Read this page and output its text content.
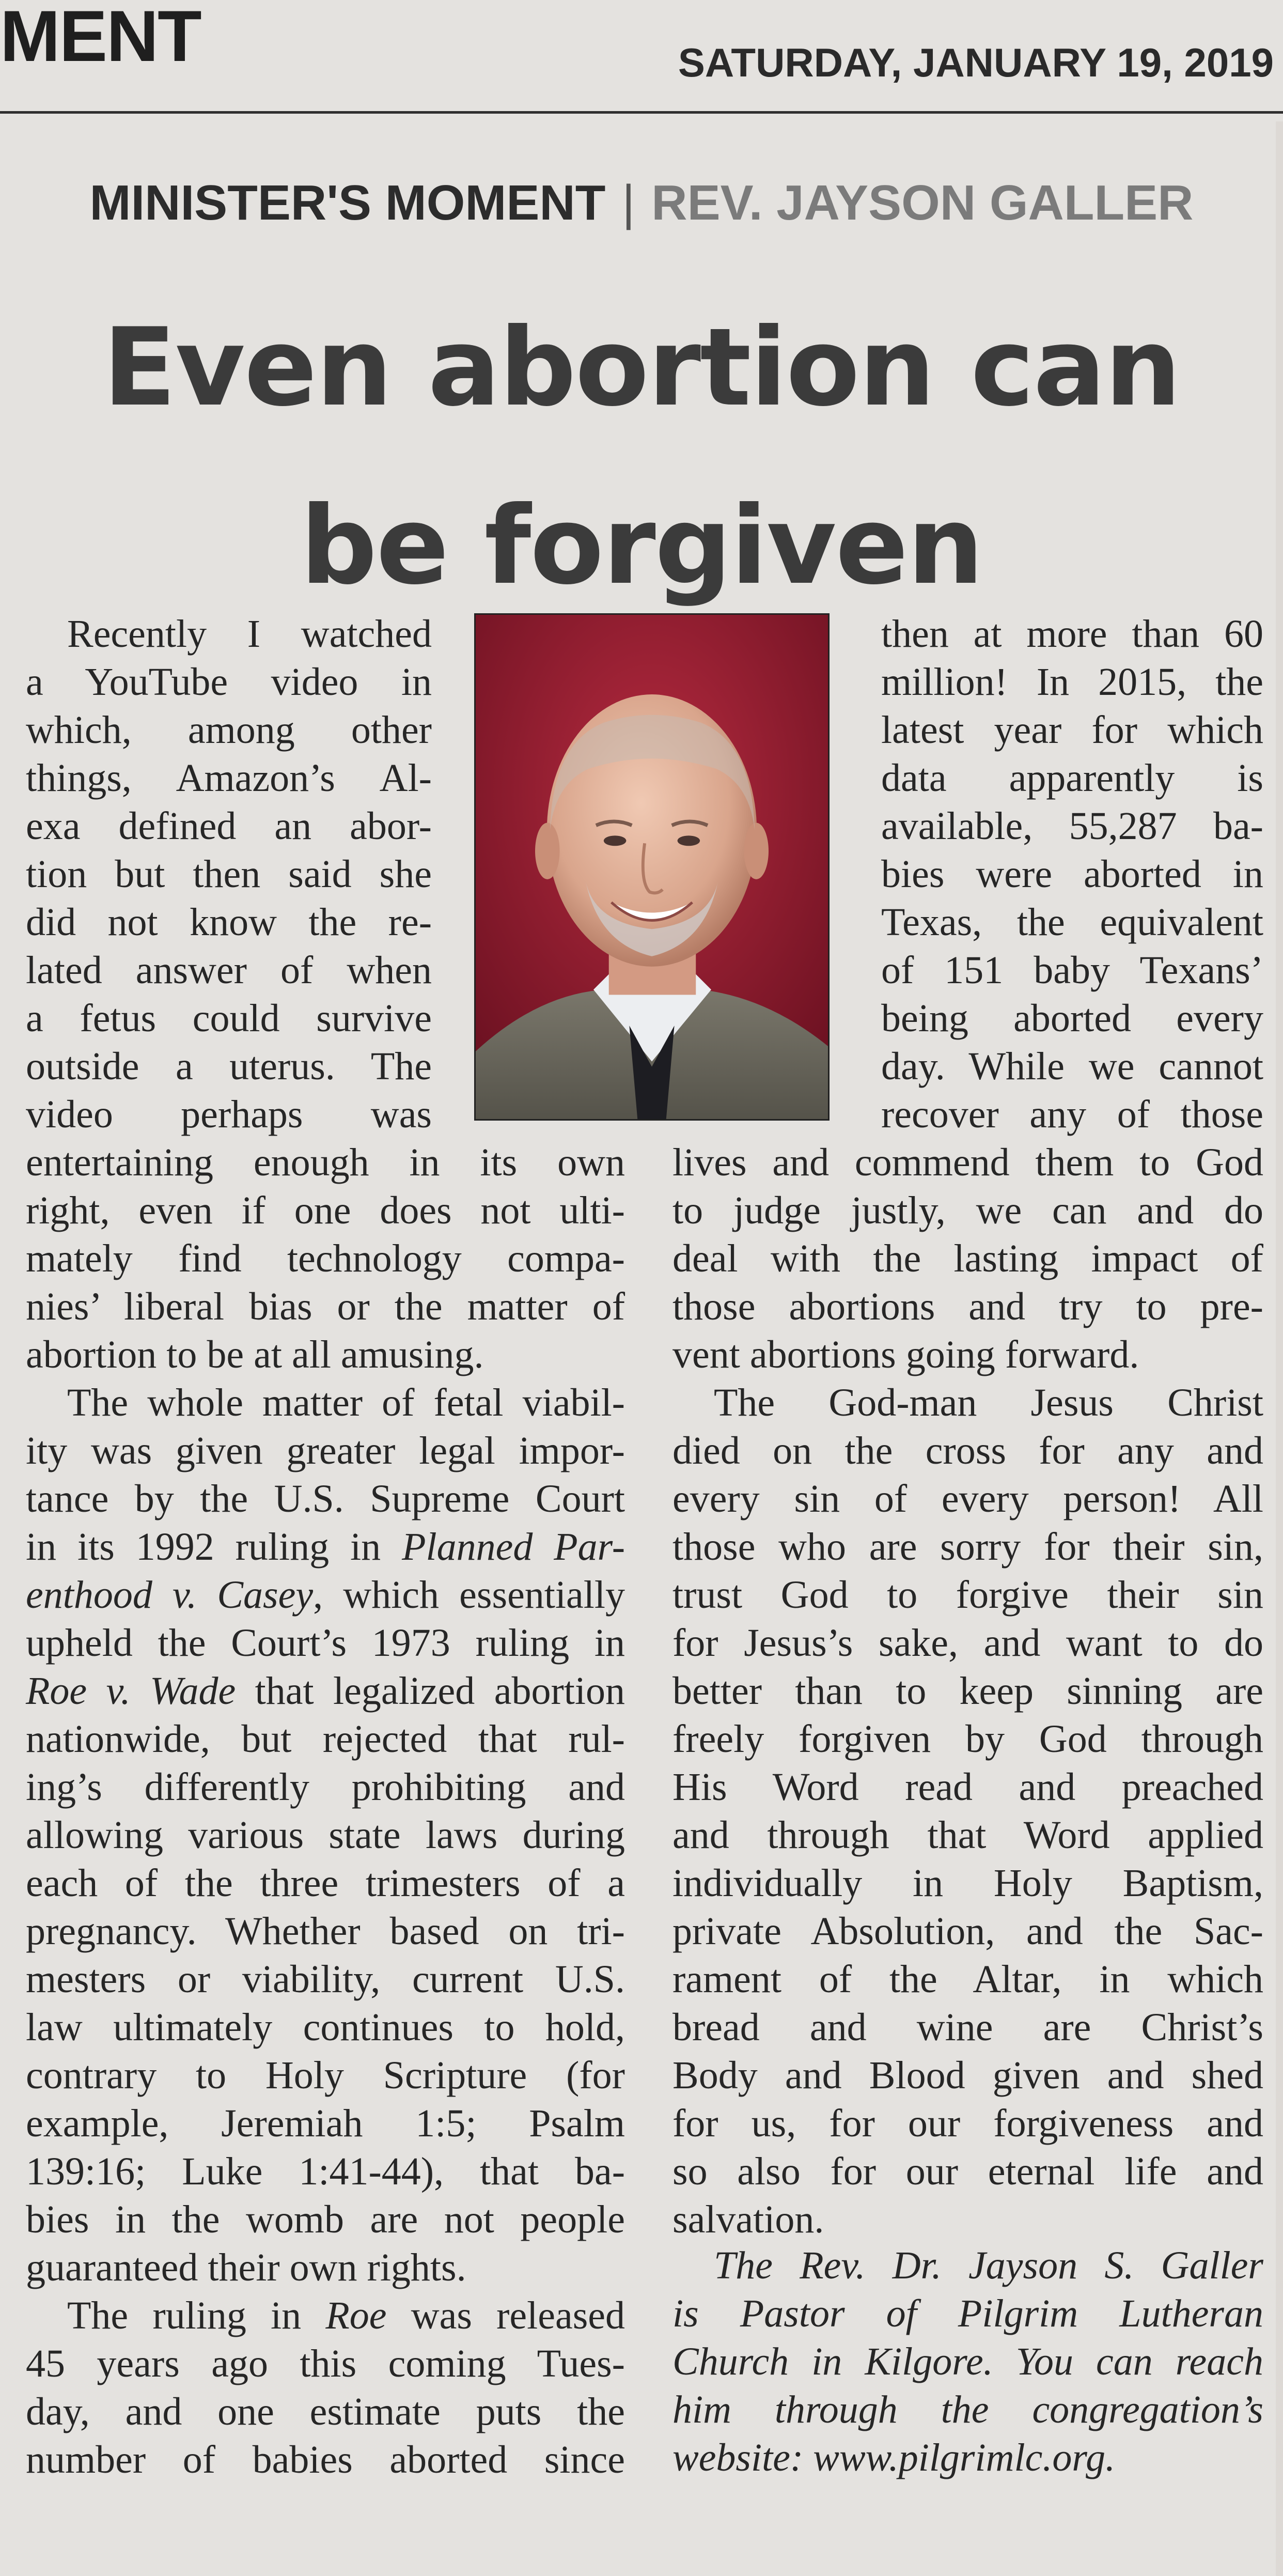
MENT	SATURDAY, JANUARY 19, 2019
MINISTER'S MOMENT | REV. JAYSON GALLER
Even abortion can
be forgiven
Recently I watched
a YouTube video in
which, among other
things, Amazon’s Al-
exa defined an abor-
tion but then said she
did not know the re-
lated answer of when
a fetus could survive
outside a uterus. The
video perhaps was
entertaining enough in its own
right, even if one does not ulti-
mately find technology compa-
nies’ liberal bias or the matter of
abortion to be at all amusing.
The whole matter of fetal viabil-
ity was given greater legal impor-
tance by the U.S. Supreme Court
in its 1992 ruling in Planned Par-
enthood v. Casey, which essentially
upheld the Court’s 1973 ruling in
Roe v. Wade that legalized abortion
nationwide, but rejected that rul-
ing’s differently prohibiting and
allowing various state laws during
each of the three trimesters of a
pregnancy. Whether based on tri-
mesters or viability, current U.S.
law ultimately continues to hold,
contrary to Holy Scripture (for
example, Jeremiah 1:5; Psalm
139:16; Luke 1:41-44), that ba-
bies in the womb are not people
guaranteed their own rights.
The ruling in Roe was released
45 years ago this coming Tues-
day, and one estimate puts the
number of babies aborted since
then at more than 60
million! In 2015, the
latest year for which
data apparently is
available, 55,287 ba-
bies were aborted in
Texas, the equivalent
of 151 baby Texans’
being aborted every
day. While we cannot
recover any of those
lives and commend them to God
to judge justly, we can and do
deal with the lasting impact of
those abortions and try to pre-
vent abortions going forward.
The God-man Jesus Christ
died on the cross for any and
every sin of every person! All
those who are sorry for their sin,
trust God to forgive their sin
for Jesus’s sake, and want to do
better than to keep sinning are
freely forgiven by God through
His Word read and preached
and through that Word applied
individually in Holy Baptism,
private Absolution, and the Sac-
rament of the Altar, in which
bread and wine are Christ’s
Body and Blood given and shed
for us, for our forgiveness and
so also for our eternal life and
salvation.
The Rev. Dr. Jayson S. Galler
is Pastor of Pilgrim Lutheran
Church in Kilgore. You can reach
him through the congregation’s
website: www.pilgrimlc.org.
